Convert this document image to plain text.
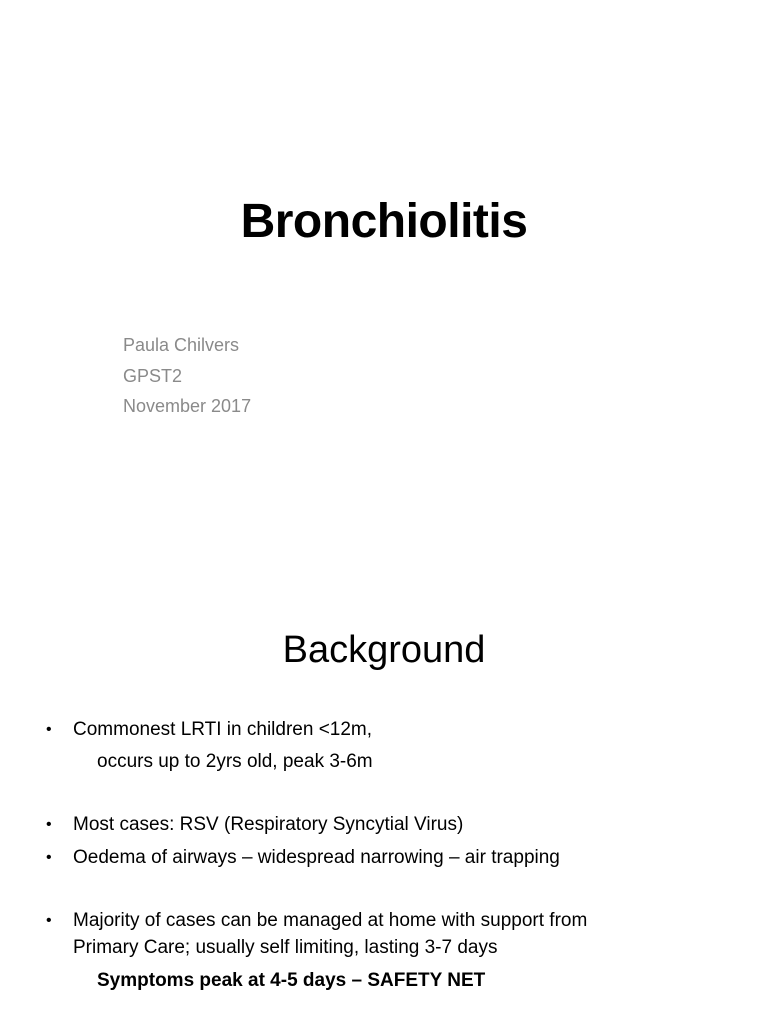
Bronchiolitis
Paula Chilvers
GPST2
November 2017
Background
• Commonest LRTI in children <12m,
occurs up to 2yrs old, peak 3-6m
• Most cases: RSV (Respiratory Syncytial Virus)
• Oedema of airways – widespread narrowing – air trapping
• Majority of cases can be managed at home with support from Primary Care; usually self limiting, lasting 3-7 days
Symptoms peak at 4-5 days – SAFETY NET
